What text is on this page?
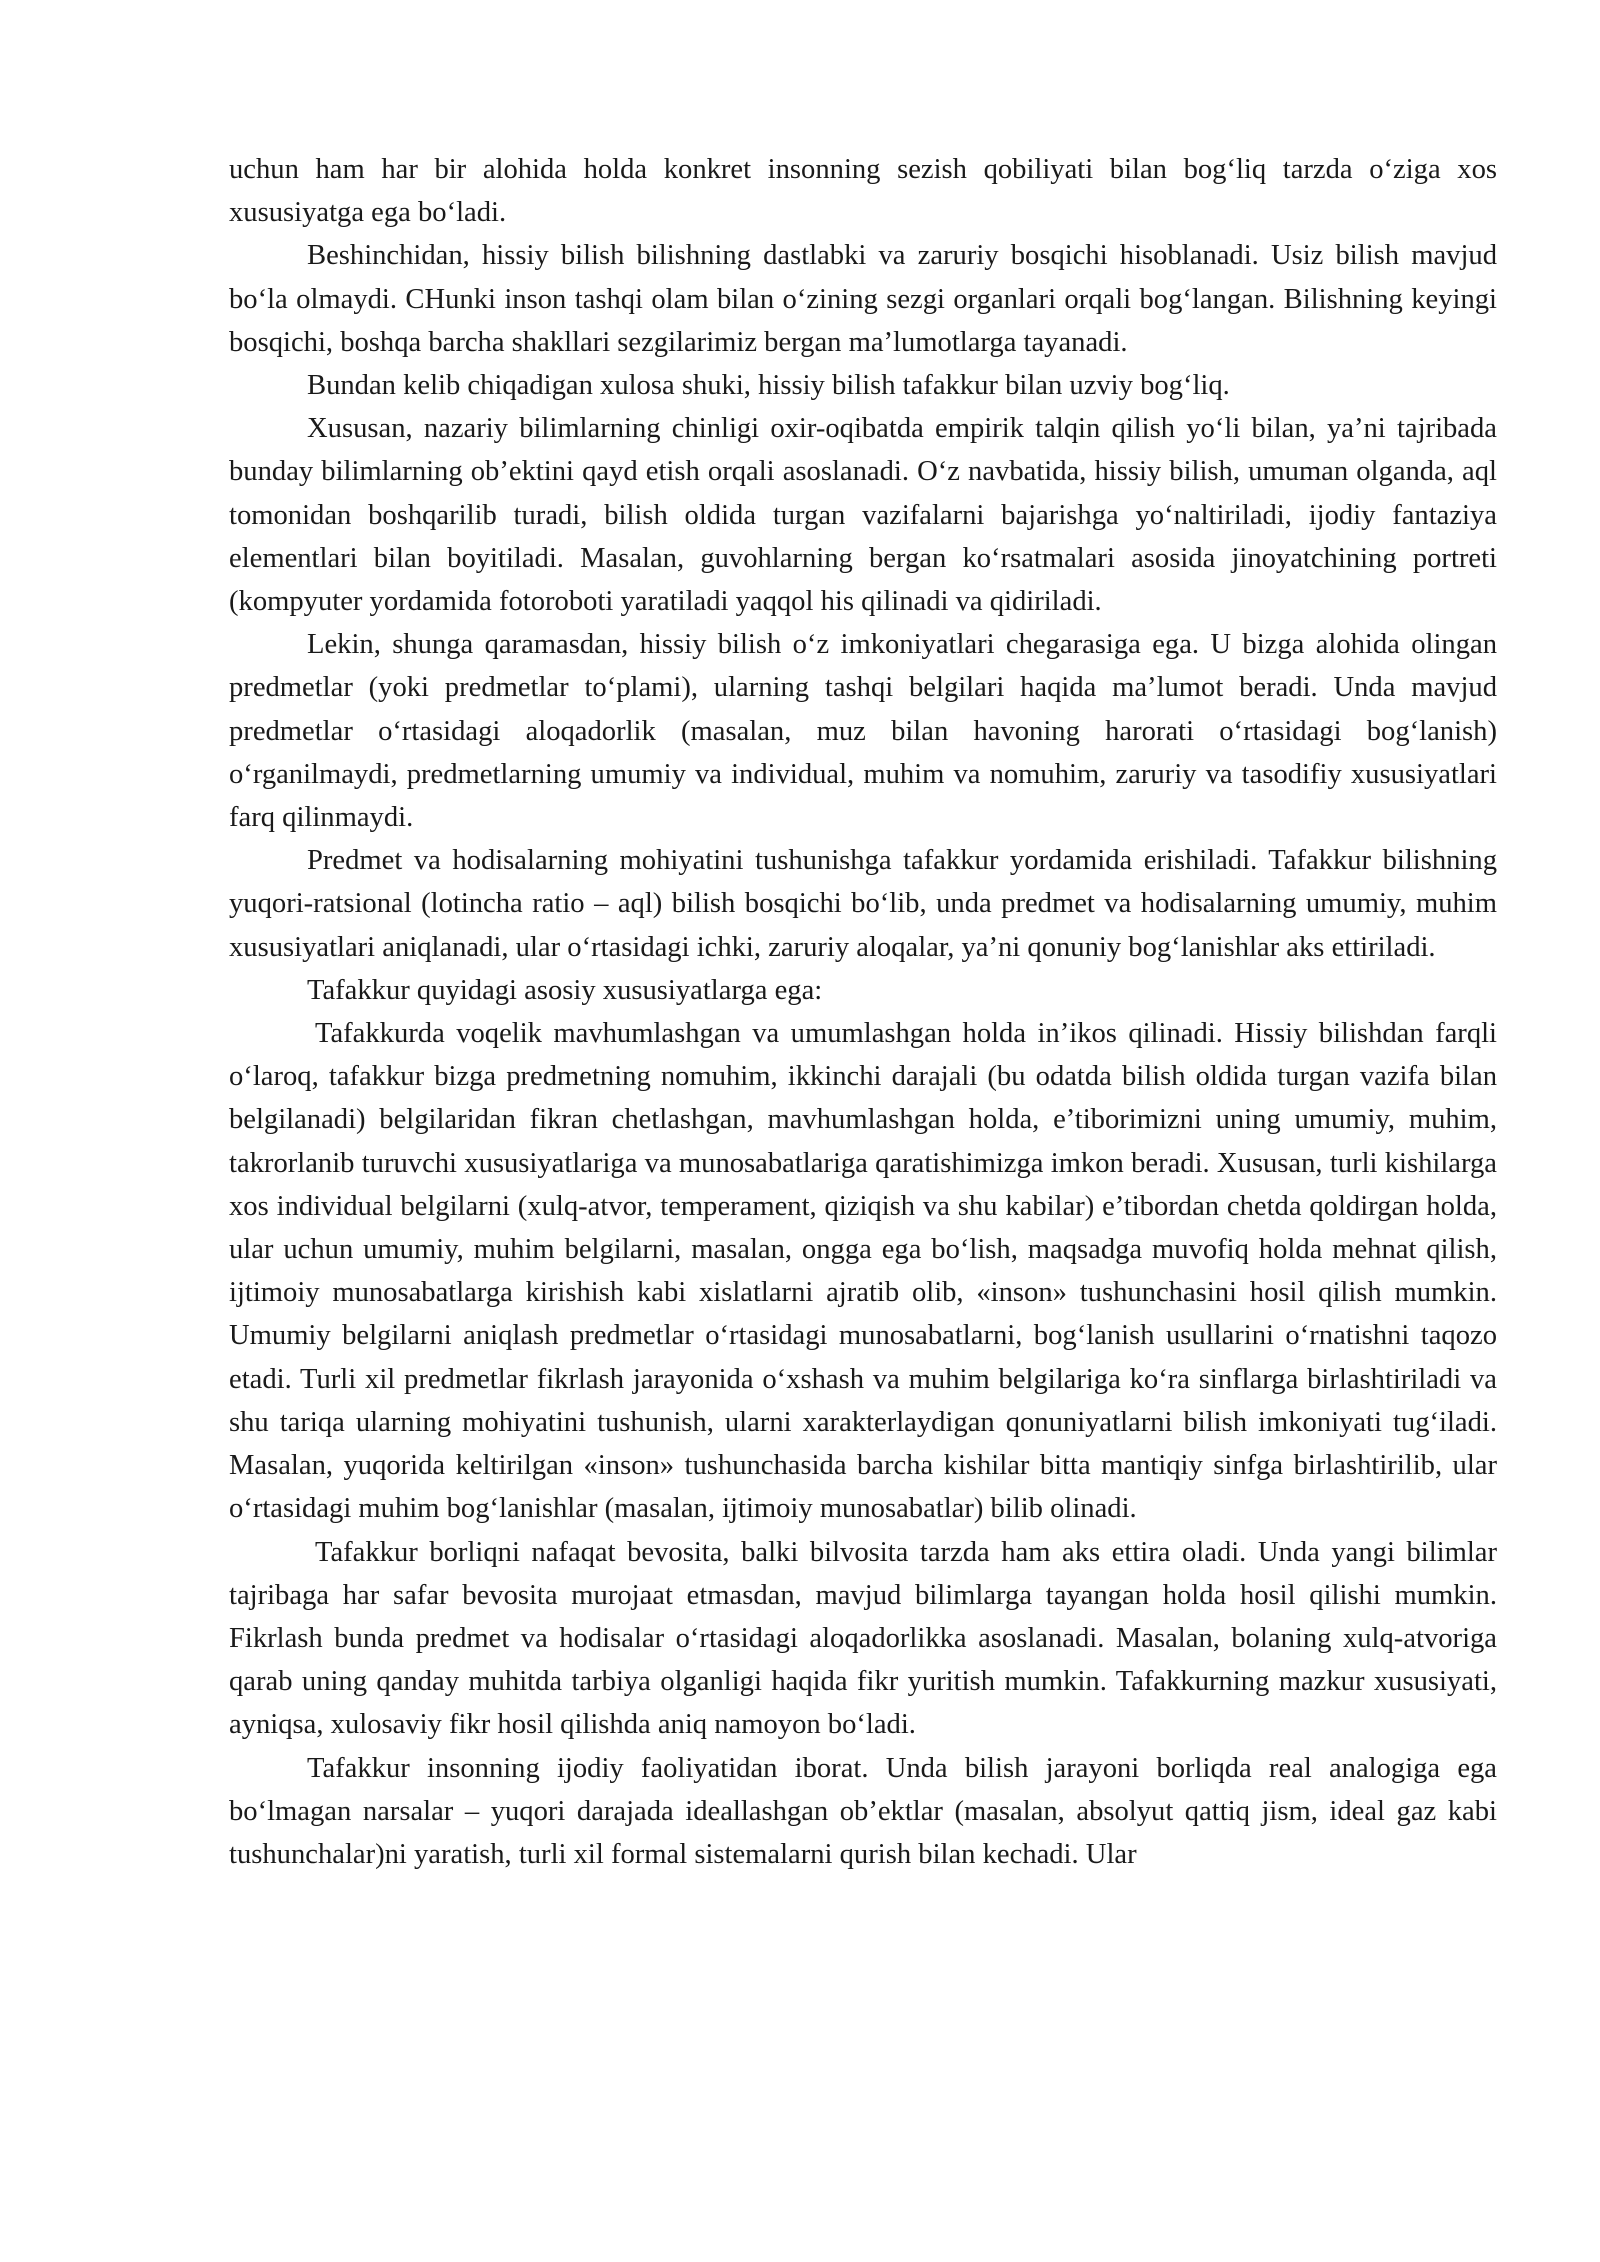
uchun ham har bir alohida holda konkret insonning sezish qobiliyati bilan bog‘liq tarzda o‘ziga xos xususiyatga ega bo‘ladi.

Beshinchidan, hissiy bilish bilishning dastlabki va zaruriy bosqichi hisoblanadi. Usiz bilish mavjud bo‘la olmaydi. CHunki inson tashqi olam bilan o‘zining sezgi organlari orqali bog‘langan. Bilishning keyingi bosqichi, boshqa barcha shakllari sezgilarimiz bergan ma’lumotlarga tayanadi.

Bundan kelib chiqadigan xulosa shuki, hissiy bilish tafakkur bilan uzviy bog‘liq.

Xususan, nazariy bilimlarning chinligi oxir-oqibatda empirik talqin qilish yo‘li bilan, ya’ni tajribada bunday bilimlarning ob’ektini qayd etish orqali asoslanadi. O‘z navbatida, hissiy bilish, umuman olganda, aql tomonidan boshqarilib turadi, bilish oldida turgan vazifalarni bajarishga yo‘naltiriladi, ijodiy fantaziya elementlari bilan boyitiladi. Masalan, guvohlarning bergan ko‘rsatmalari asosida jinoyatchining portreti (kompyuter yordamida fotoroboti yaratiladi yaqqol his qilinadi va qidiriladi.

Lekin, shunga qaramasdan, hissiy bilish o‘z imkoniyatlari chegarasiga ega. U bizga alohida olingan predmetlar (yoki predmetlar to‘plami), ularning tashqi belgilari haqida ma’lumot beradi. Unda mavjud predmetlar o‘rtasidagi aloqadorlik (masalan, muz bilan havoning harorati o‘rtasidagi bog‘lanish) o‘rganilmaydi, predmetlarning umumiy va individual, muhim va nomuhim, zaruriy va tasodifiy xususiyatlari farq qilinmaydi.

Predmet va hodisalarning mohiyatini tushunishga tafakkur yordamida erishiladi. Tafakkur bilishning yuqori-ratsional (lotincha ratio – aql) bilish bosqichi bo‘lib, unda predmet va hodisalarning umumiy, muhim xususiyatlari aniqlanadi, ular o‘rtasidagi ichki, zaruriy aloqalar, ya’ni qonuniy bog‘lanishlar aks ettiriladi.

Tafakkur quyidagi asosiy xususiyatlarga ega:

Tafakkurda voqelik mavhumlashgan va umumlashgan holda in’ikos qilinadi. Hissiy bilishdan farqli o‘laroq, tafakkur bizga predmetning nomuhim, ikkinchi darajali (bu odatda bilish oldida turgan vazifa bilan belgilanadi) belgilaridan fikran chetlashgan, mavhumlashgan holda, e’tiborimizni uning umumiy, muhim, takrorlanib turuvchi xususiyatlariga va munosabatlariga qaratishimizga imkon beradi. Xususan, turli kishilarga xos individual belgilarni (xulq-atvor, temperament, qiziqish va shu kabilar) e’tibordan chetda qoldirgan holda, ular uchun umumiy, muhim belgilarni, masalan, ongga ega bo‘lish, maqsadga muvofiq holda mehnat qilish, ijtimoiy munosabatlarga kirishish kabi xislatlarni ajratib olib, «inson» tushunchasini hosil qilish mumkin. Umumiy belgilarni aniqlash predmetlar o‘rtasidagi munosabatlarni, bog‘lanish usullarini o‘rnatishni taqozo etadi. Turli xil predmetlar fikrlash jarayonida o‘xshash va muhim belgilariga ko‘ra sinflarga birlashtiriladi va shu tariqa ularning mohiyatini tushunish, ularni xarakterlaydigan qonuniyatlarni bilish imkoniyati tug‘iladi. Masalan, yuqorida keltirilgan «inson» tushunchasida barcha kishilar bitta mantiqiy sinfga birlashtirilib, ular o‘rtasidagi muhim bog‘lanishlar (masalan, ijtimoiy munosabatlar) bilib olinadi.

Tafakkur borliqni nafaqat bevosita, balki bilvosita tarzda ham aks ettira oladi. Unda yangi bilimlar tajribaga har safar bevosita murojaat etmasdan, mavjud bilimlarga tayangan holda hosil qilishi mumkin. Fikrlash bunda predmet va hodisalar o‘rtasidagi aloqadorlikka asoslanadi. Masalan, bolaning xulq-atvoriga qarab uning qanday muhitda tarbiya olganligi haqida fikr yuritish mumkin. Tafakkurning mazkur xususiyati, ayniqsa, xulosaviy fikr hosil qilishda aniq namoyon bo‘ladi.

Tafakkur insonning ijodiy faoliyatidan iborat. Unda bilish jarayoni borliqda real analogiga ega bo‘lmagan narsalar – yuqori darajada ideallashgan ob’ektlar (masalan, absolyut qattiq jism, ideal gaz kabi tushunchalar)ni yaratish, turli xil formal sistemalarni qurish bilan kechadi. Ular
